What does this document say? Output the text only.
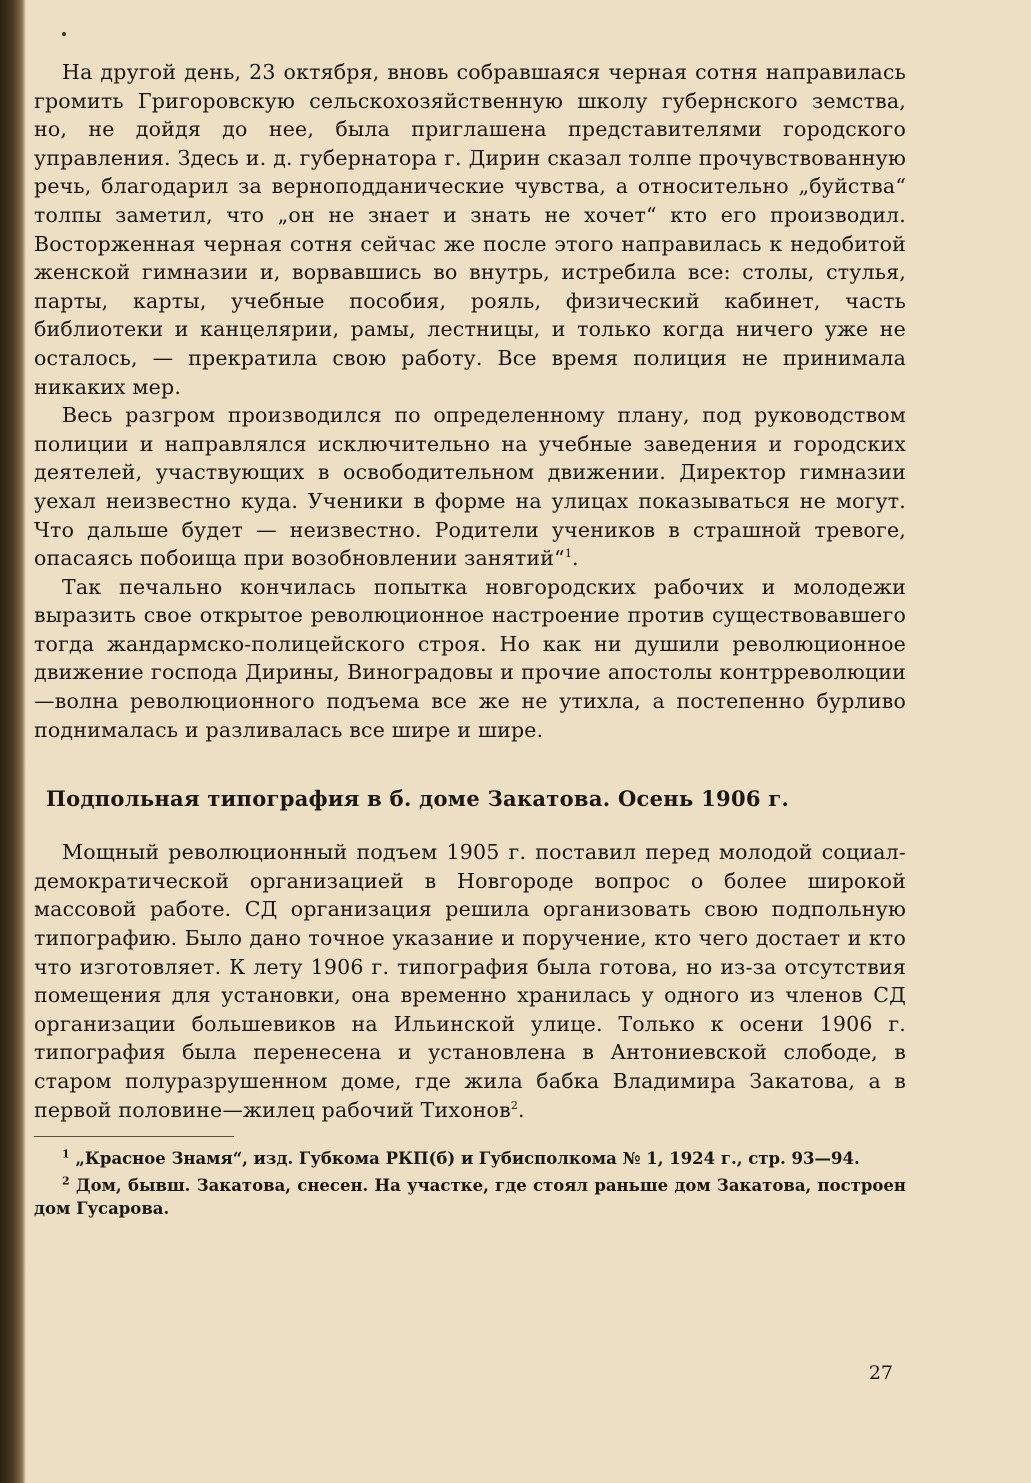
На другой день, 23 октября, вновь собравшаяся черная сотня направилась громить Григоровскую сельскохозяйственную школу губернского земства, но, не дойдя до нее, была приглашена представителями городского управления. Здесь и. д. губернатора г. Дирин сказал толпе прочувствованную речь, благодарил за верноподданические чувства, а относительно „буйства“ толпы заметил, что „он не знает и знать не хочет“ кто его производил. Восторженная черная сотня сейчас же после этого направилась к недобитой женской гимназии и, ворвавшись во внутрь, истребила все: столы, стулья, парты, карты, учебные пособия, рояль, физический кабинет, часть библиотеки и канцелярии, рамы, лестницы, и только когда ничего уже не осталось, — прекратила свою работу. Все время полиция не принимала никаких мер.

Весь разгром производился по определенному плану, под руководством полиции и направлялся исключительно на учебные заведения и городских деятелей, участвующих в освободительном движении. Директор гимназии уехал неизвестно куда. Ученики в форме на улицах показываться не могут. Что дальше будет — неизвестно. Родители учеников в страшной тревоге, опасаясь побоища при возобновлении занятий“$^1$.

Так печально кончилась попытка новгородских рабочих и молодежи выразить свое открытое революционное настроение против существовавшего тогда жандармско-полицейского строя. Но как ни душили революционное движение господа Дирины, Виноградовы и прочие апостолы контрреволюции—волна революционного подъема все же не утихла, а постепенно бурливо поднималась и разливалась все шире и шире.

Подпольная типография в б. доме Закатова. Осень 1906 г.

Мощный революционный подъем 1905 г. поставил перед молодой социал-демократической организацией в Новгороде вопрос о более широкой массовой работе. СД организация решила организовать свою подпольную типографию. Было дано точное указание и поручение, кто чего достает и кто что изготовляет. К лету 1906 г. типография была готова, но из-за отсутствия помещения для установки, она временно хранилась у одного из членов СД организации большевиков на Ильинской улице. Только к осени 1906 г. типография была перенесена и установлена в Антониевской слободе, в старом полуразрушенном доме, где жила бабка Владимира Закатова, а в первой половине—жилец рабочий Тихонов$^2$.

$^1$ „Красное Знамя“, изд. Губкома РКП(б) и Губисполкома № 1, 1924 г., стр. 93—94.

$^2$ Дом, бывш. Закатова, снесен. На участке, где стоял раньше дом Закатова, построен дом Гусарова.

27
